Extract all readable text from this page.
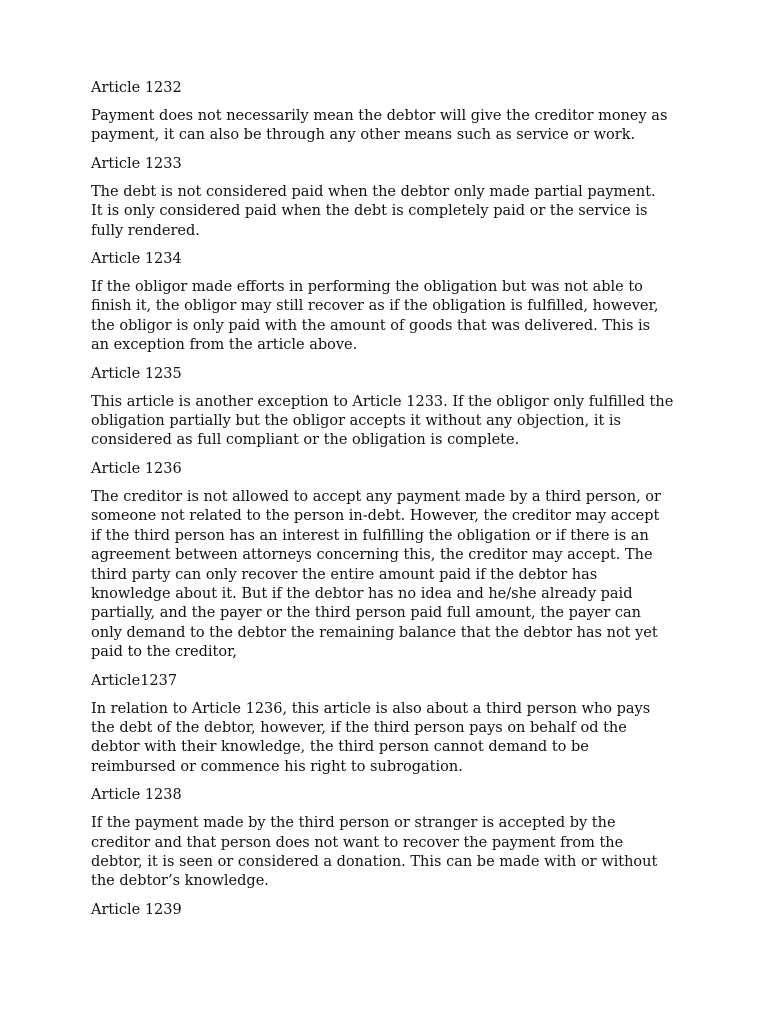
Article 1232
Payment does not necessarily mean the debtor will give the creditor money as
payment, it can also be through any other means such as service or work.
Article 1233
The debt is not considered paid when the debtor only made partial payment.
It is only considered paid when the debt is completely paid or the service is
fully rendered.
Article 1234
If the obligor made efforts in performing the obligation but was not able to
finish it, the obligor may still recover as if the obligation is fulfilled, however,
the obligor is only paid with the amount of goods that was delivered. This is
an exception from the article above.
Article 1235
This article is another exception to Article 1233. If the obligor only fulfilled the
obligation partially but the obligor accepts it without any objection, it is
considered as full compliant or the obligation is complete.
Article 1236
The creditor is not allowed to accept any payment made by a third person, or
someone not related to the person in-debt. However, the creditor may accept
if the third person has an interest in fulfilling the obligation or if there is an
agreement between attorneys concerning this, the creditor may accept. The
third party can only recover the entire amount paid if the debtor has
knowledge about it. But if the debtor has no idea and he/she already paid
partially, and the payer or the third person paid full amount, the payer can
only demand to the debtor the remaining balance that the debtor has not yet
paid to the creditor,
Article1237
In relation to Article 1236, this article is also about a third person who pays
the debt of the debtor, however, if the third person pays on behalf od the
debtor with their knowledge, the third person cannot demand to be
reimbursed or commence his right to subrogation.
Article 1238
If the payment made by the third person or stranger is accepted by the
creditor and that person does not want to recover the payment from the
debtor, it is seen or considered a donation. This can be made with or without
the debtor’s knowledge.
Article 1239
